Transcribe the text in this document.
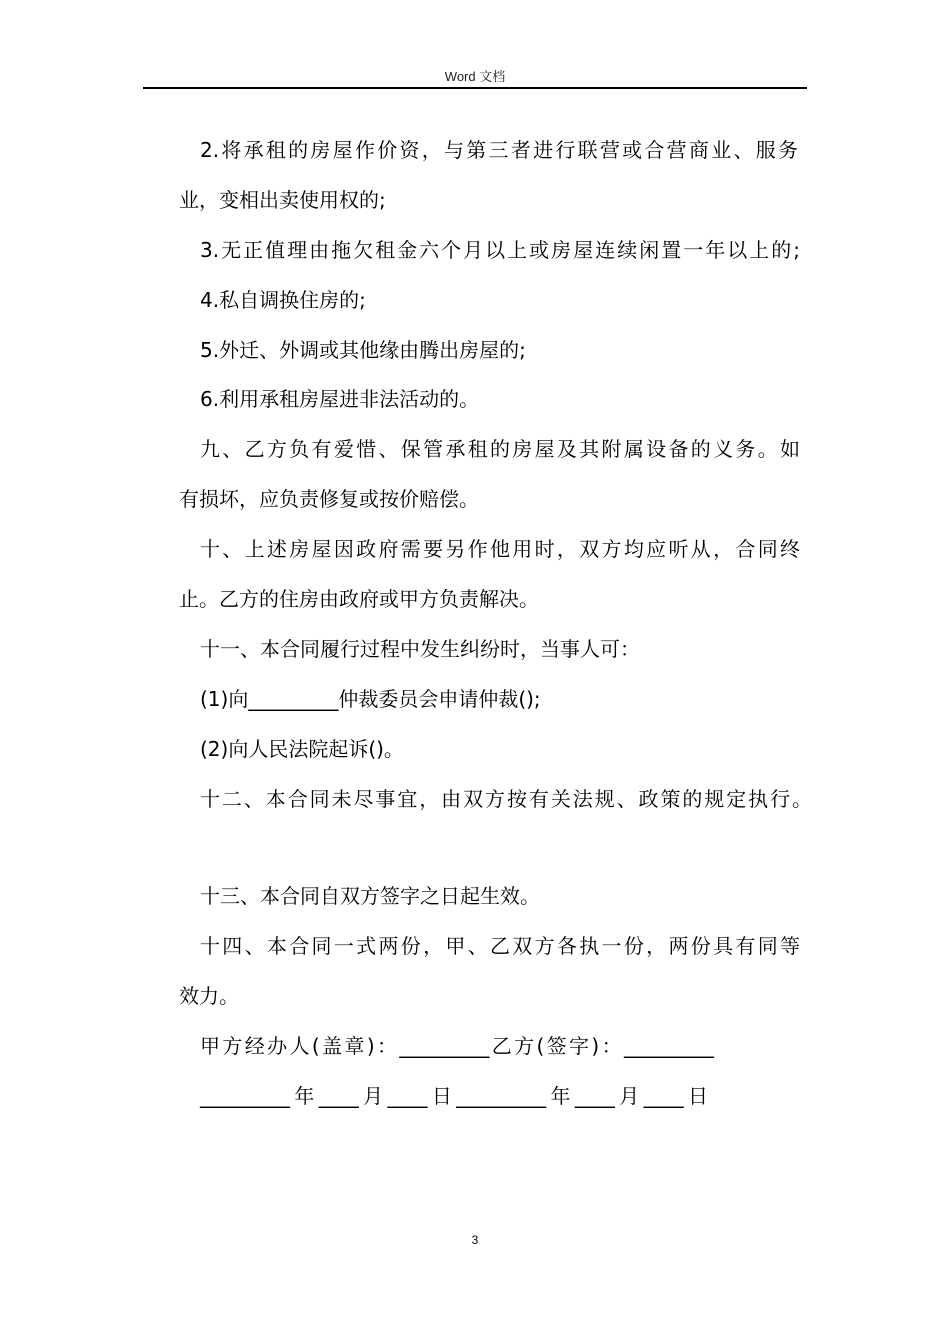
Word 文档
2.将承租的房屋作价资，与第三者进行联营或合营商业、服务
业，变相出卖使用权的;
3.无正值理由拖欠租金六个月以上或房屋连续闲置一年以上的;
4.私自调换住房的;
5.外迁、外调或其他缘由腾出房屋的;
6.利用承租房屋进非法活动的。
九、乙方负有爱惜、保管承租的房屋及其附属设备的义务。如
有损坏，应负责修复或按价赔偿。
十、上述房屋因政府需要另作他用时，双方均应听从，合同终
止。乙方的住房由政府或甲方负责解决。
十一、本合同履行过程中发生纠纷时，当事人可：
(1)向_________仲裁委员会申请仲裁();
(2)向人民法院起诉()。
十二、本合同未尽事宜，由双方按有关法规、政策的规定执行。
十三、本合同自双方签字之日起生效。
十四、本合同一式两份，甲、乙双方各执一份，两份具有同等
效力。
甲方经办人(盖章)：_________乙方(签字)：_________
_________年____月____日_________年____月____日
3
